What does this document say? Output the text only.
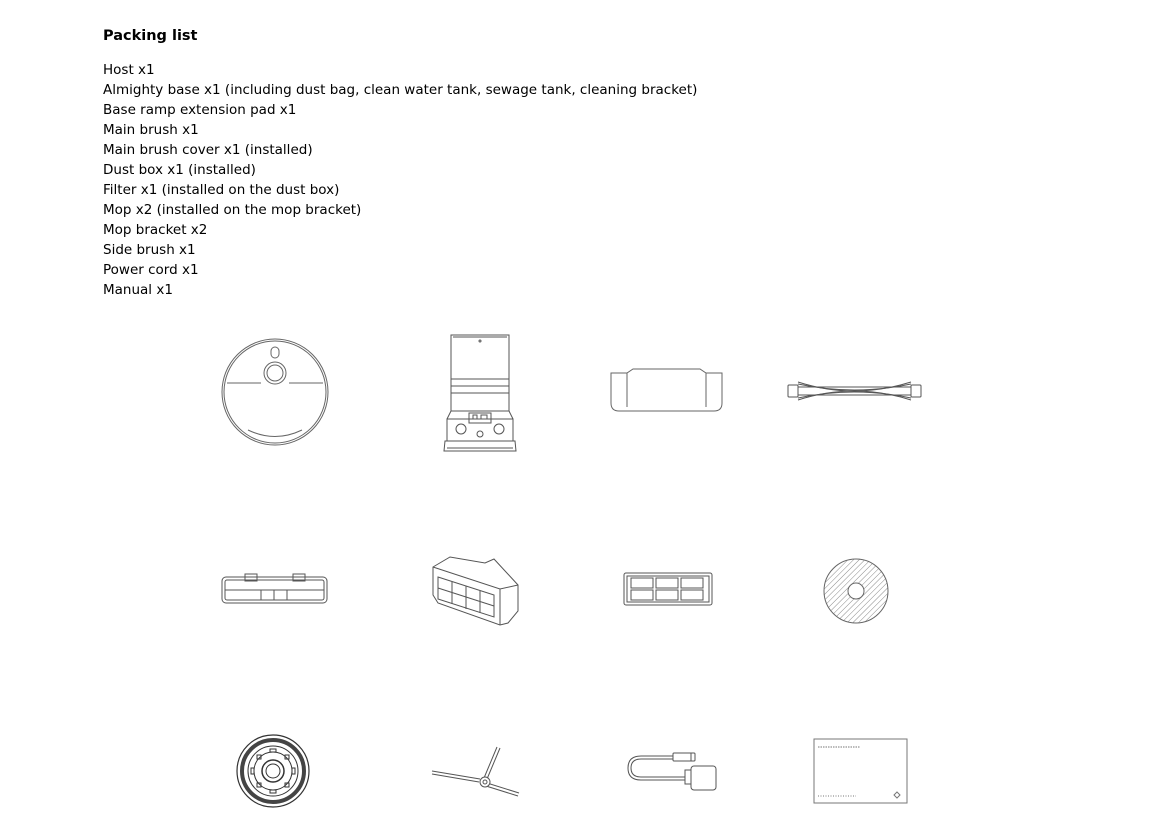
Packing list
Host x1
Almighty base x1 (including dust bag, clean water tank, sewage tank, cleaning bracket)
Base ramp extension pad x1
Main brush x1
Main brush cover x1 (installed)
Dust box x1 (installed)
Filter x1 (installed on the dust box)
Mop x2 (installed on the mop bracket)
Mop bracket x2
Side brush x1
Power cord x1
Manual x1
